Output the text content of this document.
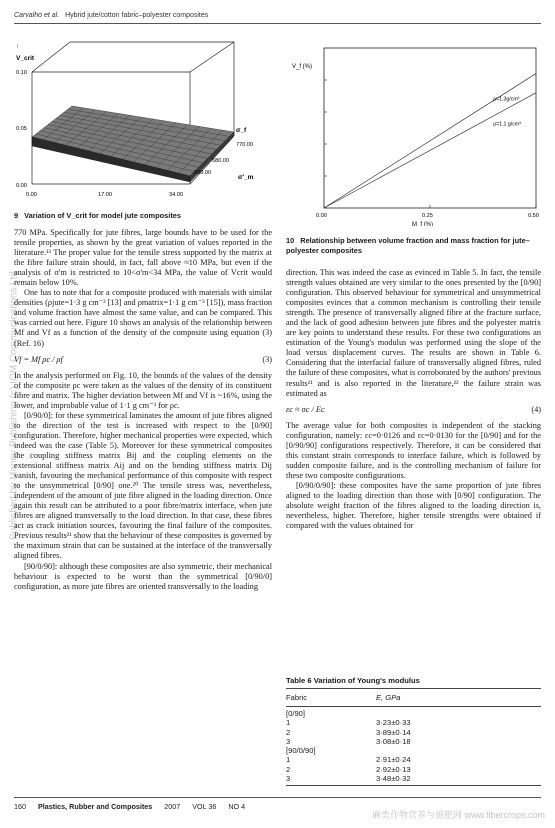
Carvalho et al. Hybrid jute/cotton fabric–polyester composites
Published by Maney Publishing (c) IOM Communications Ltd
↑
V_crit
0.10
0.05
0.00
0.00	17.00	34.00
σ'_m
σ_f
770.00
580.00
290.00
9 Variation of V_crit for model jute composites
ρ=1.3g/cm³
ρ=1.1 g/cm³
V_f (%)
M_f (%)
0.00	0.25	0.50
10 Relationship between volume fraction and mass fraction for jute–polyester composites

770 MPa. Specifically for jute fibres, large bounds have to be used for the tensile properties, as shown by the great variation of values reported in the literature.¹³ The proper value for the tensile stress supported by the matrix at the fibre failure strain should, in fact, fall above ≈10 MPa, but even if the analysis of σ'm is restricted to 10<σ'm<34 MPa, the value of Vcrit would remain below 10%.

One has to note that for a composite produced with materials with similar densities (ρjute=1·3 g cm⁻³ [13] and ρmatrix=1·1 g cm⁻³ [15]), mass fraction and volume fraction have almost the same value, and can be compared. This was carried out here. Figure 10 shows an analysis of the relationship between Mf and Vf as a function of the density of the composite using equation (3) (Ref. 16)

Vf = Mf ρc / ρf	(3)

In the analysis performed on Fig. 10, the bounds of the values of the density of the composite ρc were taken as the values of the density of its constituent fibre and matrix. The higher deviation between Mf and Vf is ~16%, using the lower, and improbable value of 1·1 g cm⁻³ for ρc.

[0/90/0]: for these symmetrical laminates the amount of jute fibres aligned to the direction of the test is increased with respect to the [0/90] configuration. Therefore, higher mechanical properties were expected, which indeed was the case (Table 5). Moreover for these symmetrical composites the coupling stiffness matrix Bij and the coupling elements on the extensional stiffness matrix Aij and on the bending stiffness matrix Dij vanish, favouring the mechanical performance of this composite with respect to the unsymmetrical [0/90] one.²⁰ The tensile stress was, nevertheless, independent of the amount of jute fibre aligned in the loading direction. Once again this result can be attributed to a poor fibre/matrix interface, when jute fibres are aligned transversally to the load direction. In that case, these fibres act as crack initiation sources, favouring the final failure of the composites. Previous results²¹ show that the behaviour of these composites is governed by the maximum strain that can be sustained at the interface of the transversally aligned fibres.

[90/0/90]: although these composites are also symmetric, their mechanical behaviour is expected to be worst than the symmetrical [0/90/0] configuration, as more jute fibres are oriented transversally to the loading

direction. This was indeed the case as evinced in Table 5. In fact, the tensile strength values obtained are very similar to the ones presented by the [0/90] configuration. This observed behaviour for symmetrical and unsymmetrical composites evinces that a common mechanism is controlling their tensile strength. The presence of transversally aligned fibre at the fracture surface, and the lack of good adhesion between jute fibres and the polyester matrix are key points to understand these results. For these two configurations an estimation of the Young's modulus was performed using the slope of the load versus displacement curves. The results are shown in Table 6. Considering that the interfacial failure of transversally aligned fibres, ruled the failure of these composites, what is corroborated by the authors' previous results²¹ and is also reported in the literature,²² the failure strain was estimated as

εc ≈ σc / Ec	(4)

The average value for both composites is independent of the stacking configuration, namely: εc=0·0126 and εc=0·0130 for the [0/90] and for the [0/90/90] configurations respectively. Therefore, it can be considered that this constant strain corresponds to interface failure, which is followed by sudden composite failure, and is the controlling mechanism of failure for these two composite configurations.

[0/90/0/90]: these composites have the same proportion of jute fibres aligned to the loading direction than those with [0/90] configuration. The absolute weight fraction of the fibres aligned to the loading direction is, nevertheless, higher. Therefore, higher tensile strengths were obtained if compared with the values obtained for

Table 6 Variation of Young's modulus
Fabric	E, GPa
[0/90]
1	3·23±0·33
2	3·89±0·14
3	3·08±0·18
[90/0/90]
1	2·91±0·24
2	2·92±0·13
3	3·48±0·32
160 Plastics, Rubber and Composites 2007 VOL 36 NO 4
麻类作物营养与施肥网 www.fibercrops.com
